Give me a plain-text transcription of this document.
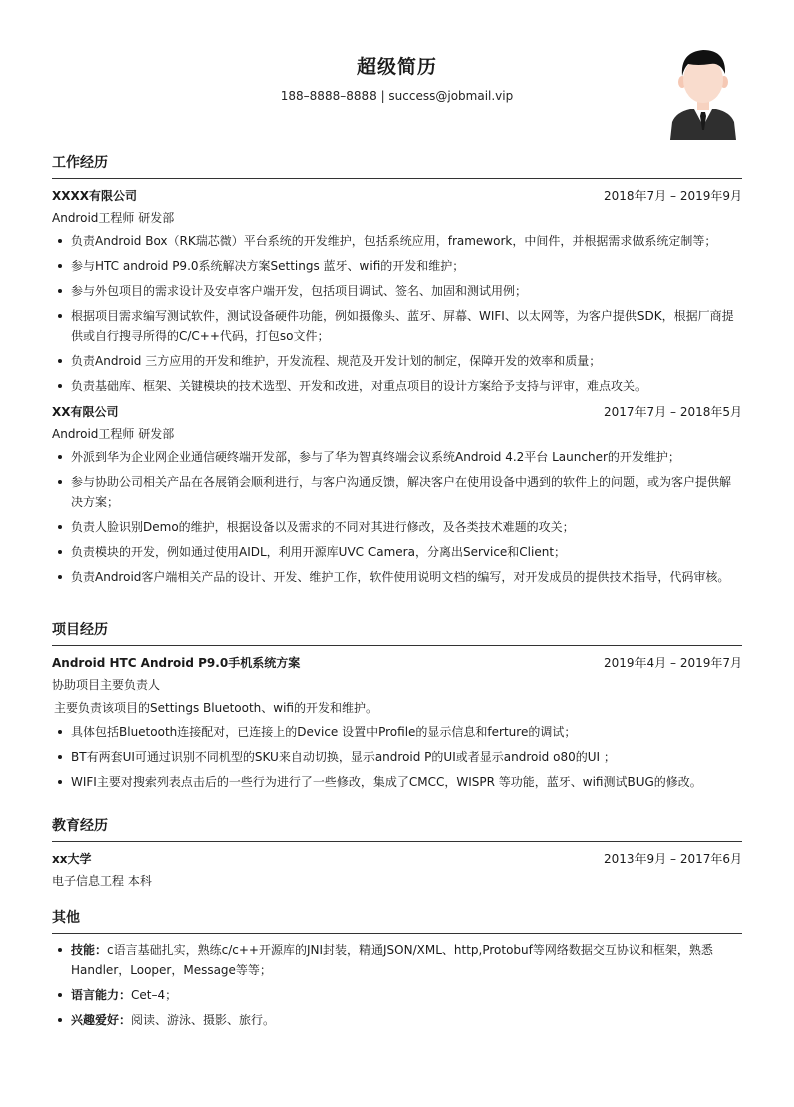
超级简历
188–8888–8888 | success@jobmail.vip
工作经历
XXXX有限公司	2018年7月 – 2019年9月
Android工程师 研发部
负责Android Box（RK瑞芯微）平台系统的开发维护，包括系统应用，framework，中间件，并根据需求做系统定制等；
参与HTC android P9.0系统解决方案Settings 蓝牙、wifi的开发和维护；
参与外包项目的需求设计及安卓客户端开发，包括项目调试、签名、加固和测试用例；
根据项目需求编写测试软件，测试设备硬件功能，例如摄像头、蓝牙、屏幕、WIFI、以太网等，为客户提供SDK，根据厂商提供或自行搜寻所得的C/C++代码，打包so文件；
负责Android 三方应用的开发和维护，开发流程、规范及开发计划的制定，保障开发的效率和质量；
负责基础库、框架、关键模块的技术选型、开发和改进，对重点项目的设计方案给予支持与评审，难点攻关。
XX有限公司	2017年7月 – 2018年5月
Android工程师 研发部
外派到华为企业网企业通信硬终端开发部，参与了华为智真终端会议系统Android 4.2平台 Launcher的开发维护；
参与协助公司相关产品在各展销会顺利进行，与客户沟通反馈，解决客户在使用设备中遇到的软件上的问题，或为客户提供解决方案；
负责人脸识别Demo的维护，根据设备以及需求的不同对其进行修改，及各类技术难题的攻关；
负责模块的开发，例如通过使用AIDL，利用开源库UVC Camera，分离出Service和Client；
负责Android客户端相关产品的设计、开发、维护工作，软件使用说明文档的编写，对开发成员的提供技术指导，代码审核。
项目经历
Android HTC Android P9.0手机系统方案	2019年4月 – 2019年7月
协助项目主要负责人
主要负责该项目的Settings Bluetooth、wifi的开发和维护。
具体包括Bluetooth连接配对，已连接上的Device 设置中Profile的显示信息和ferture的调试；
BT有两套UI可通过识别不同机型的SKU来自动切换，显示android P的UI或者显示android o80的UI ；
WIFI主要对搜索列表点击后的一些行为进行了一些修改，集成了CMCC，WISPR 等功能，蓝牙、wifi测试BUG的修改。
教育经历
xx大学	2013年9月 – 2017年6月
电子信息工程 本科
其他
技能：c语言基础扎实，熟练c/c++开源库的JNI封装，精通JSON/XML、http,Protobuf等网络数据交互协议和框架，熟悉Handler，Looper，Message等等；
语言能力：Cet–4；
兴趣爱好：阅读、游泳、摄影、旅行。
